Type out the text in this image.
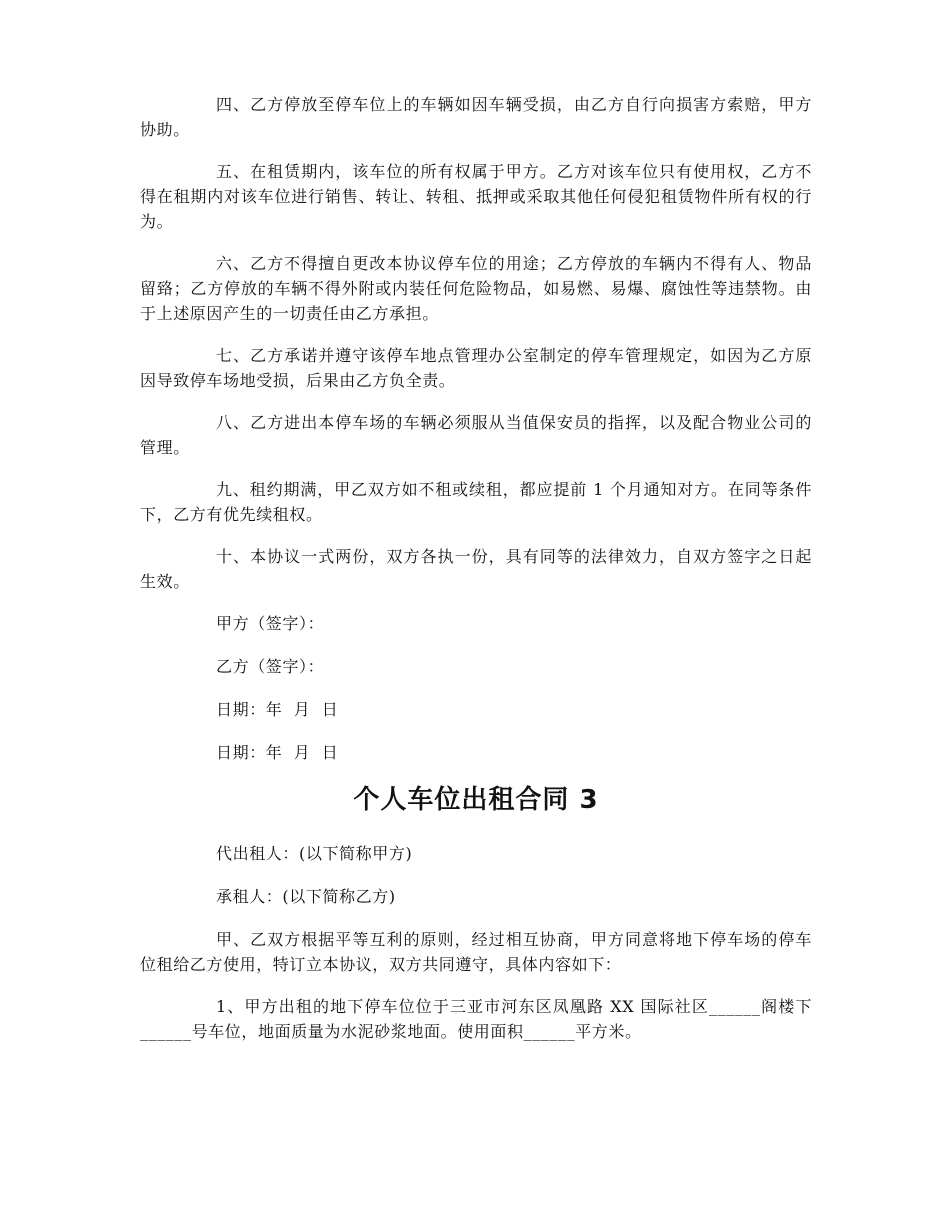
四、乙方停放至停车位上的车辆如因车辆受损，由乙方自行向损害方索赔，甲方协助。

五、在租赁期内，该车位的所有权属于甲方。乙方对该车位只有使用权，乙方不得在租期内对该车位进行销售、转让、转租、抵押或采取其他任何侵犯租赁物件所有权的行为。

六、乙方不得擅自更改本协议停车位的用途；乙方停放的车辆内不得有人、物品留臵；乙方停放的车辆不得外附或内装任何危险物品，如易燃、易爆、腐蚀性等违禁物。由于上述原因产生的一切责任由乙方承担。

七、乙方承诺并遵守该停车地点管理办公室制定的停车管理规定，如因为乙方原因导致停车场地受损，后果由乙方负全责。

八、乙方进出本停车场的车辆必须服从当值保安员的指挥，以及配合物业公司的管理。

九、租约期满，甲乙双方如不租或续租，都应提前 1 个月通知对方。在同等条件下，乙方有优先续租权。

十、本协议一式两份，双方各执一份，具有同等的法律效力，自双方签字之日起生效。

甲方（签字）：

乙方（签字）：

日期：年  月  日

日期：年  月  日

个人车位出租合同 3

代出租人：(以下简称甲方)

承租人：(以下简称乙方)

甲、乙双方根据平等互利的原则，经过相互协商，甲方同意将地下停车场的停车位租给乙方使用，特订立本协议，双方共同遵守，具体内容如下：

1、甲方出租的地下停车位位于三亚市河东区凤凰路 XX 国际社区______阁楼下______号车位，地面质量为水泥砂浆地面。使用面积______平方米。
